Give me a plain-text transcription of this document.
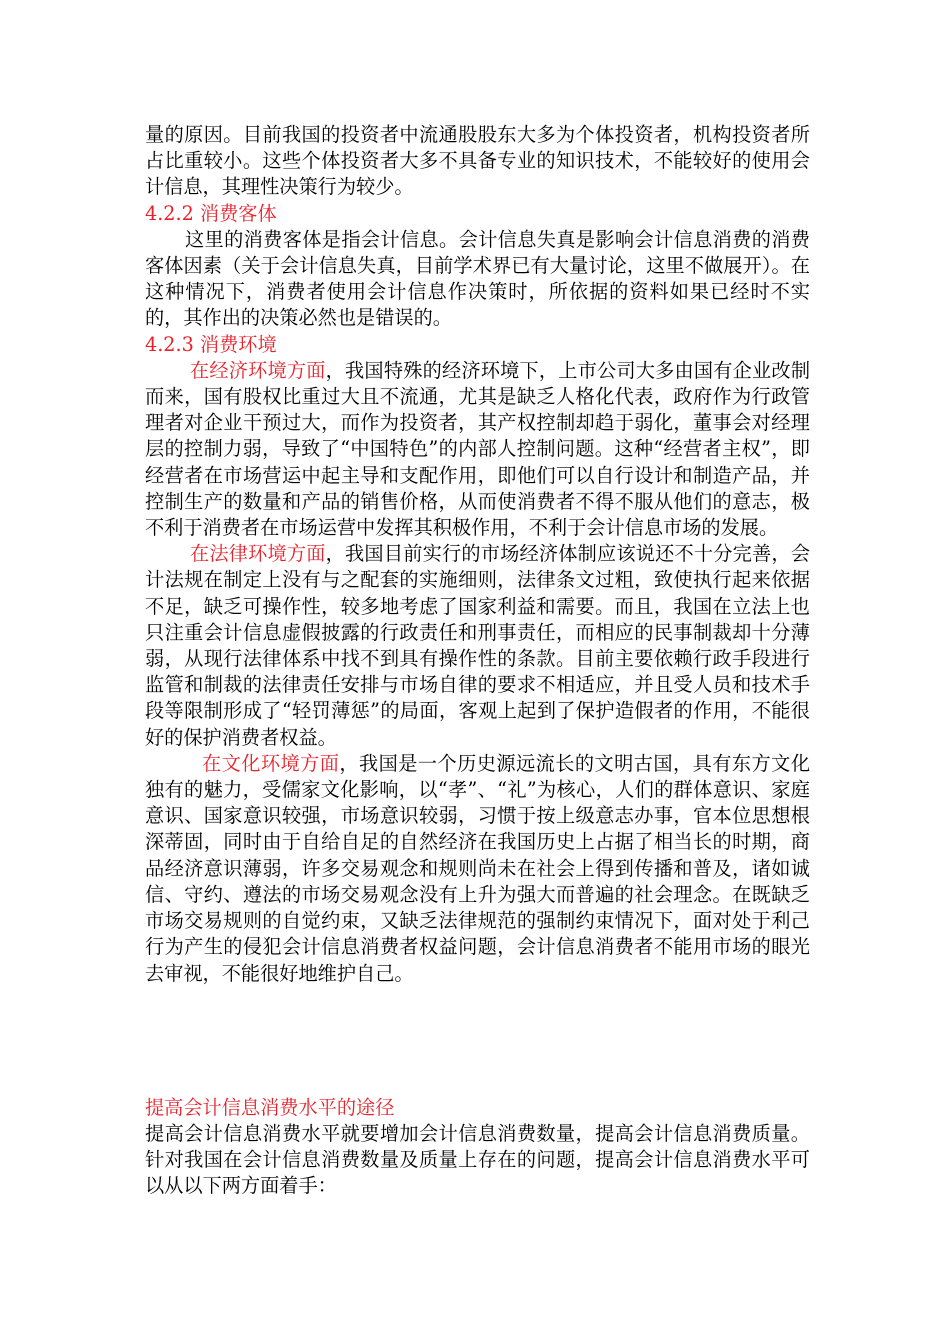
量的原因。目前我国的投资者中流通股股东大多为个体投资者，机构投资者所占比重较小。这些个体投资者大多不具备专业的知识技术，不能较好的使用会计信息，其理性决策行为较少。

4.2.2 消费客体

这里的消费客体是指会计信息。会计信息失真是影响会计信息消费的消费客体因素（关于会计信息失真，目前学术界已有大量讨论，这里不做展开）。在这种情况下，消费者使用会计信息作决策时，所依据的资料如果已经时不实的，其作出的决策必然也是错误的。

4.2.3 消费环境

在经济环境方面，我国特殊的经济环境下，上市公司大多由国有企业改制而来，国有股权比重过大且不流通，尤其是缺乏人格化代表，政府作为行政管理者对企业干预过大，而作为投资者，其产权控制却趋于弱化，董事会对经理层的控制力弱，导致了“中国特色”的内部人控制问题。这种“经营者主权”，即经营者在市场营运中起主导和支配作用，即他们可以自行设计和制造产品，并控制生产的数量和产品的销售价格，从而使消费者不得不服从他们的意志，极不利于消费者在市场运营中发挥其积极作用，不利于会计信息市场的发展。

在法律环境方面，我国目前实行的市场经济体制应该说还不十分完善，会计法规在制定上没有与之配套的实施细则，法律条文过粗，致使执行起来依据不足，缺乏可操作性，较多地考虑了国家利益和需要。而且，我国在立法上也只注重会计信息虚假披露的行政责任和刑事责任，而相应的民事制裁却十分薄弱，从现行法律体系中找不到具有操作性的条款。目前主要依赖行政手段进行监管和制裁的法律责任安排与市场自律的要求不相适应，并且受人员和技术手段等限制形成了“轻罚薄惩”的局面，客观上起到了保护造假者的作用，不能很好的保护消费者权益。

在文化环境方面，我国是一个历史源远流长的文明古国，具有东方文化独有的魅力，受儒家文化影响，以“孝”、“礼”为核心，人们的群体意识、家庭意识、国家意识较强，市场意识较弱，习惯于按上级意志办事，官本位思想根深蒂固，同时由于自给自足的自然经济在我国历史上占据了相当长的时期，商品经济意识薄弱，许多交易观念和规则尚未在社会上得到传播和普及，诸如诚信、守约、遵法的市场交易观念没有上升为强大而普遍的社会理念。在既缺乏市场交易规则的自觉约束，又缺乏法律规范的强制约束情况下，面对处于利己行为产生的侵犯会计信息消费者权益问题，会计信息消费者不能用市场的眼光去审视，不能很好地维护自己。

提高会计信息消费水平的途径

提高会计信息消费水平就要增加会计信息消费数量，提高会计信息消费质量。针对我国在会计信息消费数量及质量上存在的问题，提高会计信息消费水平可以从以下两方面着手：
